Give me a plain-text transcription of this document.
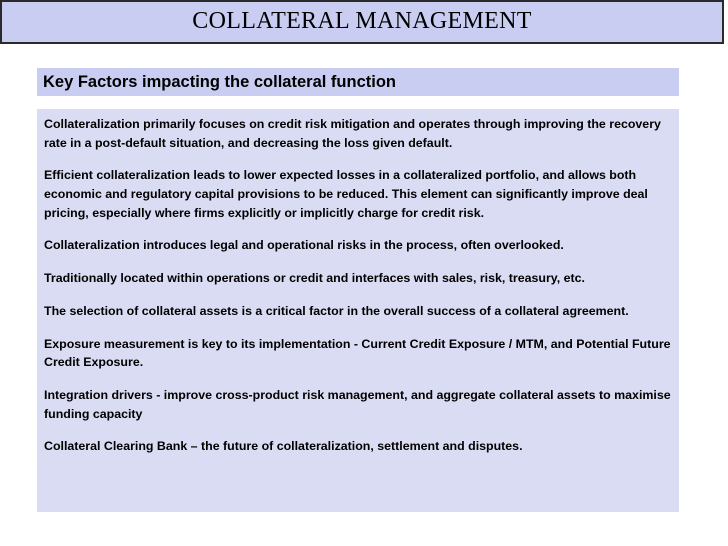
COLLATERAL MANAGEMENT
Key Factors impacting the collateral function

Collateralization primarily focuses on credit risk mitigation and operates through improving the recovery rate in a post-default situation, and decreasing the loss given default.

Efficient collateralization leads to lower expected losses in a collateralized portfolio, and allows both economic and regulatory capital provisions to be reduced. This element can significantly improve deal pricing, especially where firms explicitly or implicitly charge for credit risk.

Collateralization introduces legal and operational risks in the process, often overlooked.

Traditionally located within operations or credit and interfaces with sales, risk, treasury, etc.

The selection of collateral assets is a critical factor in the overall success of a collateral agreement.

Exposure measurement is key to its implementation - Current Credit Exposure / MTM, and Potential Future Credit Exposure.

Integration drivers - improve cross-product risk management, and aggregate collateral assets to maximise funding capacity

Collateral Clearing Bank – the future of collateralization, settlement and disputes.
